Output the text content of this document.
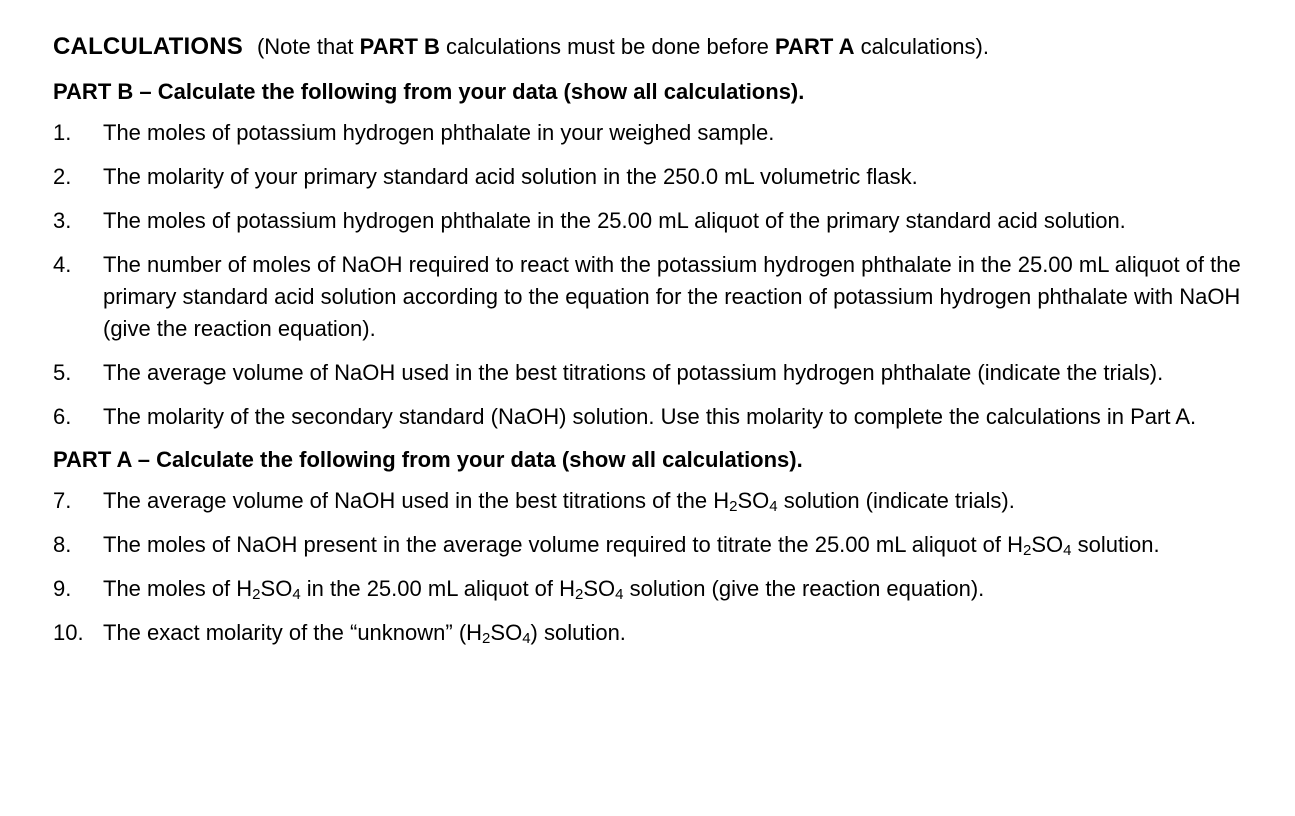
CALCULATIONS (Note that PART B calculations must be done before PART A calculations).
PART B – Calculate the following from your data (show all calculations).
1.	The moles of potassium hydrogen phthalate in your weighed sample.
2.	The molarity of your primary standard acid solution in the 250.0 mL volumetric flask.
3.	The moles of potassium hydrogen phthalate in the 25.00 mL aliquot of the primary standard acid solution.
4.	The number of moles of NaOH required to react with the potassium hydrogen phthalate in the 25.00 mL aliquot of the primary standard acid solution according to the equation for the reaction of potassium hydrogen phthalate with NaOH (give the reaction equation).
5.	The average volume of NaOH used in the best titrations of potassium hydrogen phthalate (indicate the trials).
6.	The molarity of the secondary standard (NaOH) solution. Use this molarity to complete the calculations in Part A.
PART A – Calculate the following from your data (show all calculations).
7.	The average volume of NaOH used in the best titrations of the $H_2SO_4$ solution (indicate trials).
8.	The moles of NaOH present in the average volume required to titrate the 25.00 mL aliquot of $H_2SO_4$ solution.
9.	The moles of $H_2SO_4$ in the 25.00 mL aliquot of $H_2SO_4$ solution (give the reaction equation).
10. The exact molarity of the “unknown” $(H_2SO_4)$ solution.
